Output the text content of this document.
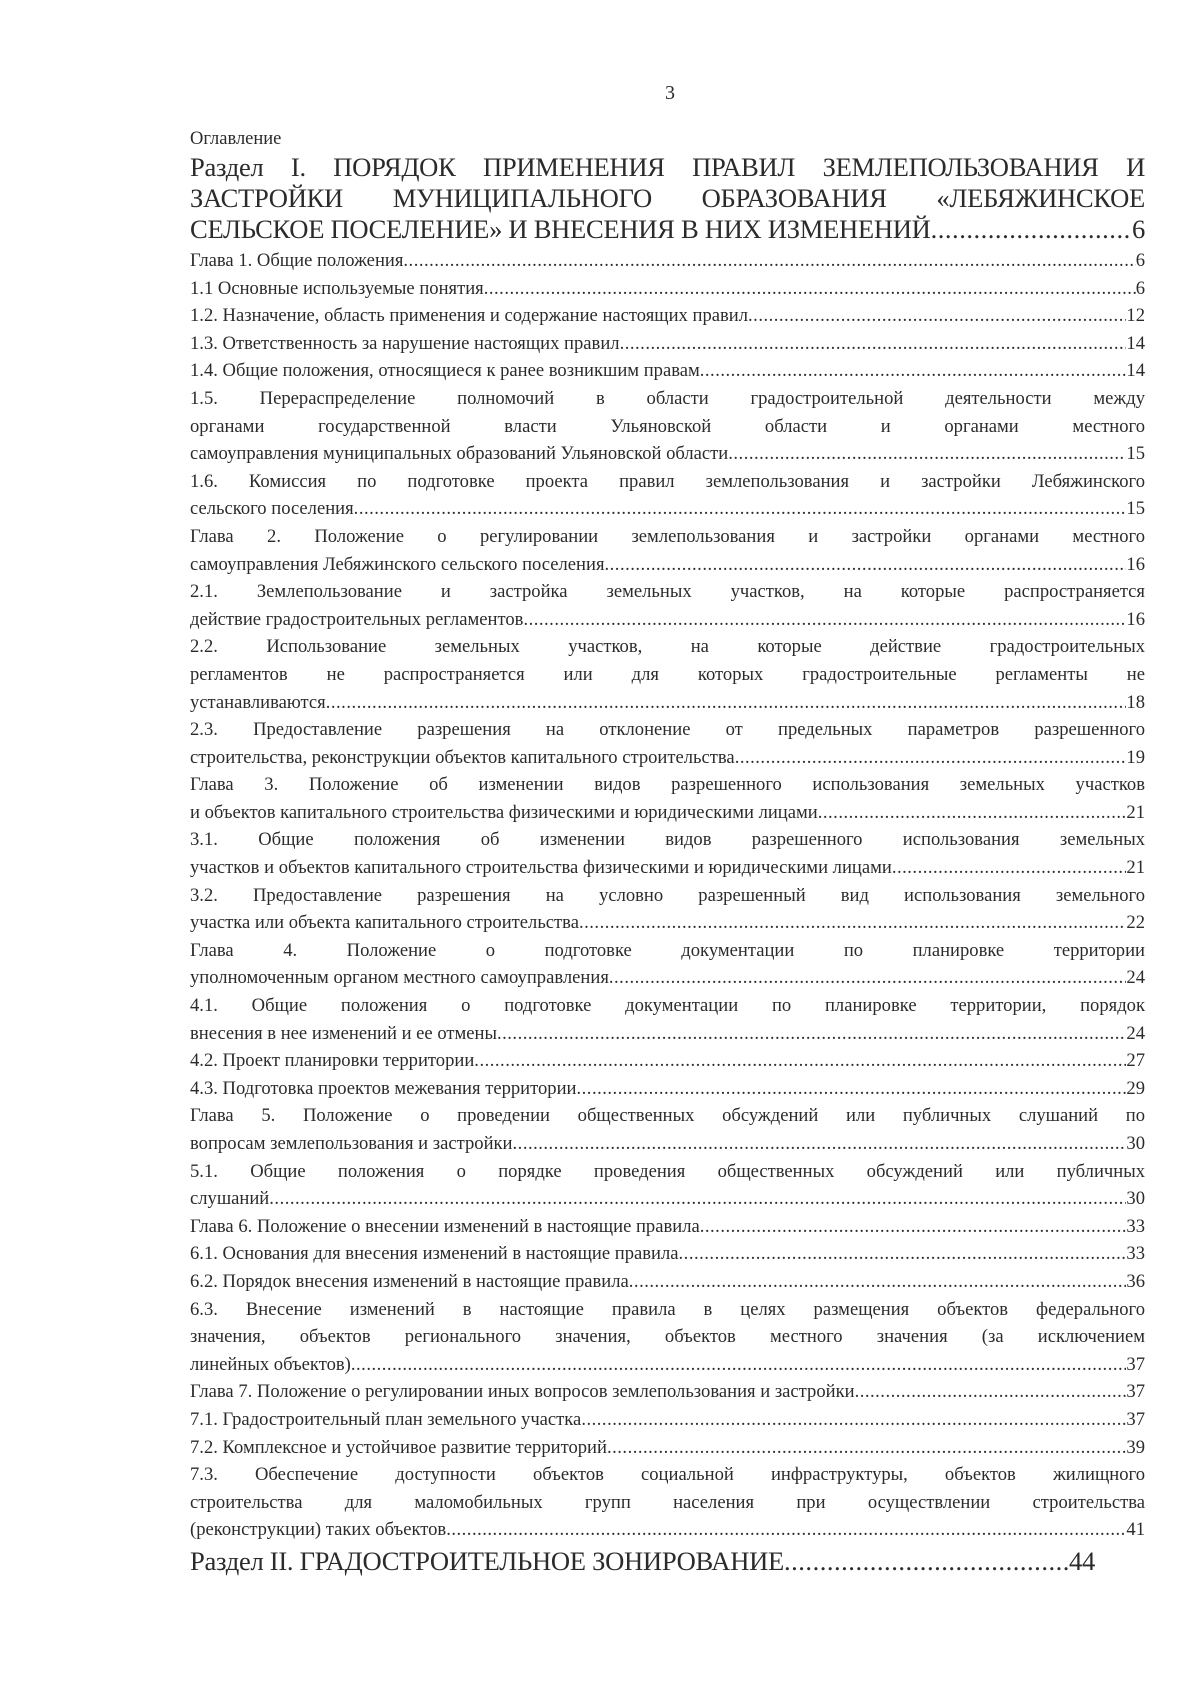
3
Оглавление
Раздел I. ПОРЯДОК ПРИМЕНЕНИЯ ПРАВИЛ ЗЕМЛЕПОЛЬЗОВАНИЯ И
ЗАСТРОЙКИ МУНИЦИПАЛЬНОГО ОБРАЗОВАНИЯ «ЛЕБЯЖИНСКОЕ
СЕЛЬСКОЕ ПОСЕЛЕНИЕ» И ВНЕСЕНИЯ В НИХ ИЗМЕНЕНИЙ .....	6
Глава 1. Общие положения .....	6
1.1 Основные используемые понятия .....	6
1.2. Назначение, область применения и содержание настоящих правил .....	12
1.3. Ответственность за нарушение настоящих правил .....	14
1.4. Общие положения, относящиеся к ранее возникшим правам .....	14
1.5. Перераспределение полномочий в области градостроительной деятельности между
органами государственной власти Ульяновской области и органами местного
самоуправления муниципальных образований Ульяновской области .....	15
1.6. Комиссия по подготовке проекта правил землепользования и застройки Лебяжинского
сельского поселения .....	15
Глава 2. Положение о регулировании землепользования и застройки органами местного
самоуправления Лебяжинского сельского поселения .....	16
2.1. Землепользование и застройка земельных участков, на которые распространяется
действие градостроительных регламентов .....	16
2.2. Использование земельных участков, на которые действие градостроительных
регламентов не распространяется или для которых градостроительные регламенты не
устанавливаются .....	18
2.3. Предоставление разрешения на отклонение от предельных параметров разрешенного
строительства, реконструкции объектов капитального строительства .....	19
Глава 3. Положение об изменении видов разрешенного использования земельных участков
и объектов капитального строительства физическими и юридическими лицами .....	21
3.1. Общие положения об изменении видов разрешенного использования земельных
участков и объектов капитального строительства физическими и юридическими лицами .....	21
3.2. Предоставление разрешения на условно разрешенный вид использования земельного
участка или объекта капитального строительства .....	22
Глава 4. Положение о подготовке документации по планировке территории
уполномоченным органом местного самоуправления .....	24
4.1. Общие положения о подготовке документации по планировке территории, порядок
внесения в нее изменений и ее отмены .....	24
4.2. Проект планировки территории .....	27
4.3. Подготовка проектов межевания территории .....	29
Глава 5. Положение о проведении общественных обсуждений или публичных слушаний по
вопросам землепользования и застройки .....	30
5.1. Общие положения о порядке проведения общественных обсуждений или публичных
слушаний .....	30
Глава 6. Положение о внесении изменений в настоящие правила .....	33
6.1. Основания для внесения изменений в настоящие правила .....	33
6.2. Порядок внесения изменений в настоящие правила .....	36
6.3. Внесение изменений в настоящие правила в целях размещения объектов федерального
значения, объектов регионального значения, объектов местного значения (за исключением
линейных объектов) .....	37
Глава 7. Положение о регулировании иных вопросов землепользования и застройки .....	37
7.1. Градостроительный план земельного участка .....	37
7.2. Комплексное и устойчивое развитие территорий .....	39
7.3. Обеспечение доступности объектов социальной инфраструктуры, объектов жилищного
строительства для маломобильных групп населения при осуществлении строительства
(реконструкции) таких объектов .....	41
Раздел II. ГРАДОСТРОИТЕЛЬНОЕ ЗОНИРОВАНИЕ .....	44
